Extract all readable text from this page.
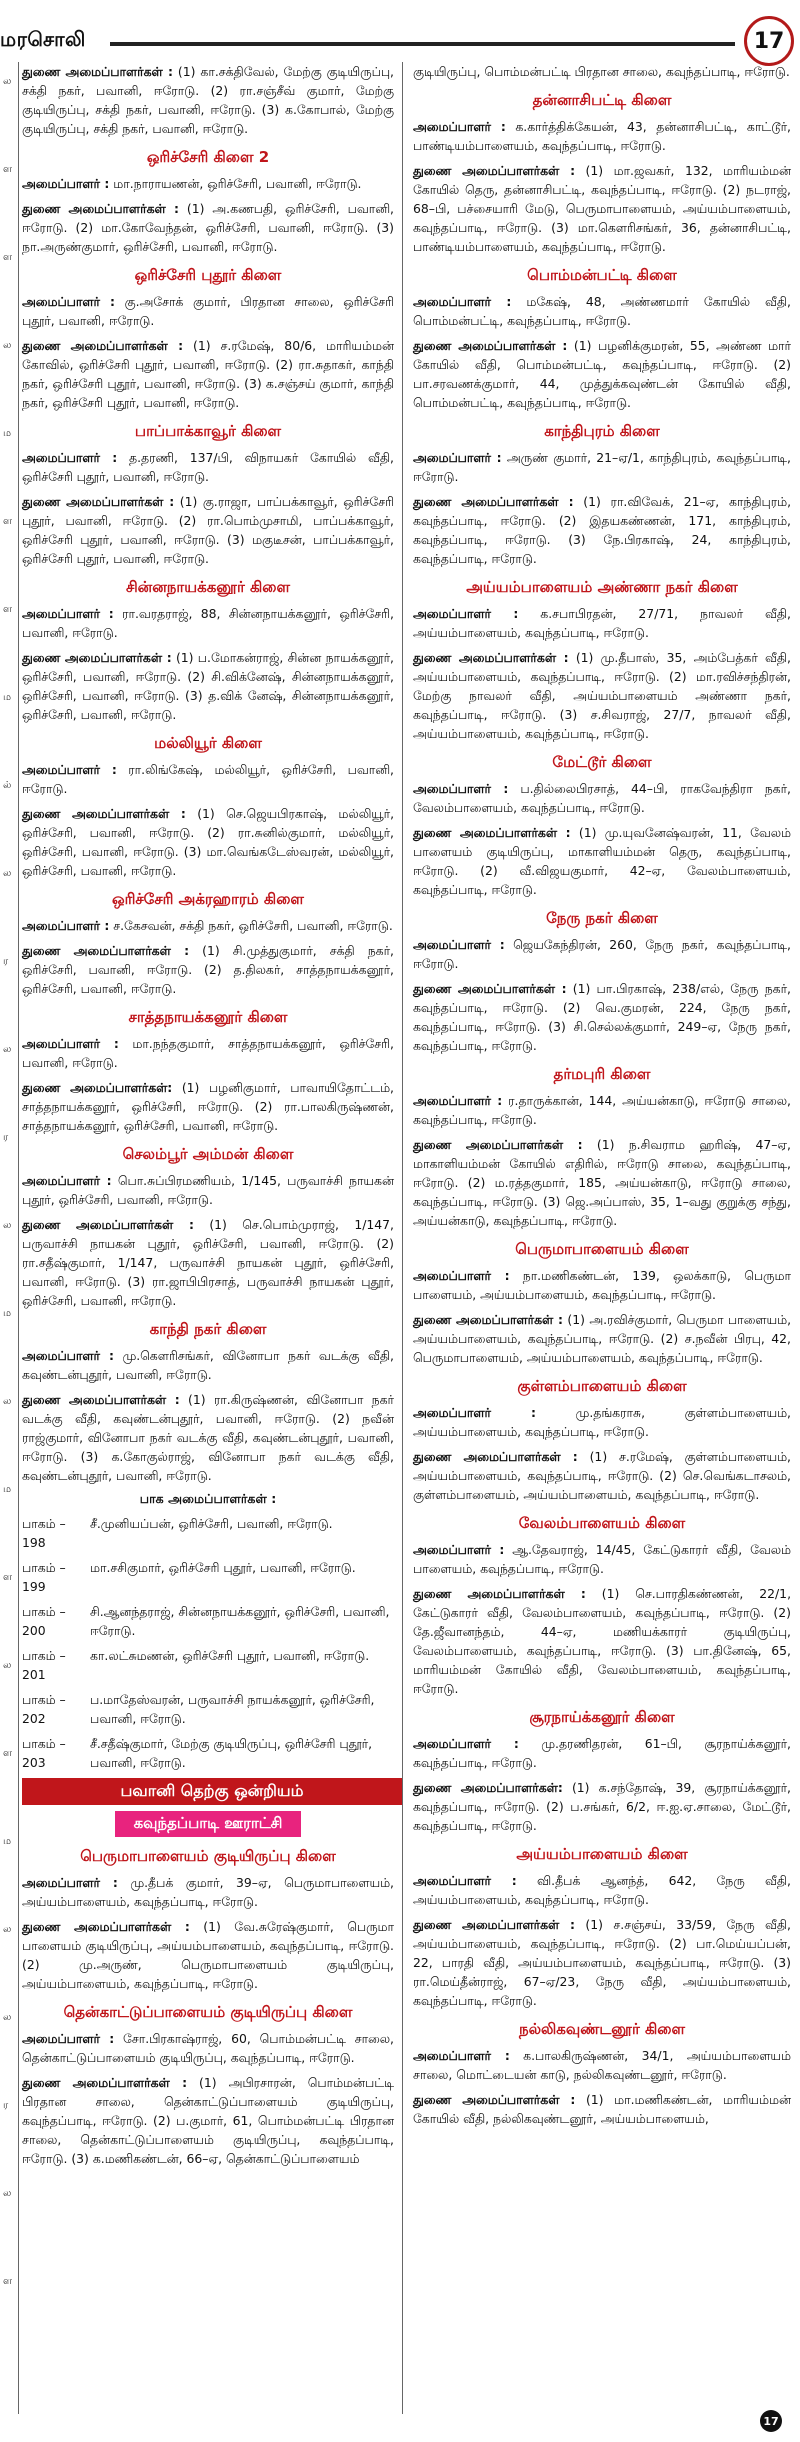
மரசொலி	17
ல
ள
ள
ல
ம
ள
ள
ம
ல்
ல
ர
ல
ர
ல
ம
ல
ம
ள
ல
ள
ம
ல
ல
ர
ல
ள

துணை அமைப்பாளர்கள் : (1) கா.சக்திவேல், மேற்கு குடியிருப்பு, சக்தி நகர், பவானி, ஈரோடு. (2) ரா.சஞ்சீவ் குமார், மேற்கு குடியிருப்பு, சக்தி நகர், பவானி, ஈரோடு. (3) க.கோபால், மேற்கு குடியிருப்பு, சக்தி நகர், பவானி, ஈரோடு.

ஒரிச்சேரி கிளை 2

அமைப்பாளர் : மா.நாராயணன், ஒரிச்சேரி, பவானி, ஈரோடு.

துணை அமைப்பாளர்கள் : (1) அ.கணபதி, ஒரிச்சேரி, பவானி, ஈரோடு. (2) மா.கோவேந்தன், ஒரிச்சேரி, பவானி, ஈரோடு. (3) நா.அருண்குமார், ஒரிச்சேரி, பவானி, ஈரோடு.

ஒரிச்சேரி புதூர் கிளை

அமைப்பாளர் : கு.அசோக் குமார், பிரதான சாலை, ஒரிச்சேரி புதூர், பவானி, ஈரோடு.

துணை அமைப்பாளர்கள் : (1) ச.ரமேஷ், 80/6, மாரியம்மன் கோவில், ஒரிச்சேரி புதூர், பவானி, ஈரோடு. (2) ரா.சுதாகர், காந்தி நகர், ஒரிச்சேரி புதூர், பவானி, ஈரோடு. (3) க.சஞ்சய் குமார், காந்தி நகர், ஒரிச்சேரி புதூர், பவானி, ஈரோடு.

பாப்பாக்காவூர் கிளை

அமைப்பாளர் : த.தரணி, 137/பி, விநாயகர் கோயில் வீதி, ஒரிச்சேரி புதூர், பவானி, ஈரோடு.

துணை அமைப்பாளர்கள் : (1) கு.ராஜா, பாப்பக்காவூர், ஒரிச்சேரி புதூர், பவானி, ஈரோடு. (2) ரா.பொம்முசாமி, பாப்பக்காவூர், ஒரிச்சேரி புதூர், பவானி, ஈரோடு. (3) மகுடீசன், பாப்பக்காவூர், ஒரிச்சேரி புதூர், பவானி, ஈரோடு.

சின்னநாயக்கனூர் கிளை

அமைப்பாளர் : ரா.வரதராஜ், 88, சின்னநாயக்கனூர், ஒரிச்சேரி, பவானி, ஈரோடு.

துணை அமைப்பாளர்கள் : (1) ப.மோகன்ராஜ், சின்ன நாயக்கனூர், ஒரிச்சேரி, பவானி, ஈரோடு. (2) சி.விக்னேஷ், சின்னநாயக்கனூர், ஒரிச்சேரி, பவானி, ஈரோடு. (3) த.விக் னேஷ், சின்னநாயக்கனூர், ஒரிச்சேரி, பவானி, ஈரோடு.

மல்லியூர் கிளை

அமைப்பாளர் : ரா.லிங்கேஷ், மல்லியூர், ஒரிச்சேரி, பவானி, ஈரோடு.

துணை அமைப்பாளர்கள் : (1) செ.ஜெயபிரகாஷ், மல்லியூர், ஒரிச்சேரி, பவானி, ஈரோடு. (2) ரா.சுனில்குமார், மல்லியூர், ஒரிச்சேரி, பவானி, ஈரோடு. (3) மா.வெங்கடேஸ்வரன், மல்லியூர், ஒரிச்சேரி, பவானி, ஈரோடு.

ஒரிச்சேரி அக்ரஹாரம் கிளை

அமைப்பாளர் : ச.கேசவன், சக்தி நகர், ஒரிச்சேரி, பவானி, ஈரோடு.

துணை அமைப்பாளர்கள் : (1) சி.முத்துகுமார், சக்தி நகர், ஒரிச்சேரி, பவானி, ஈரோடு. (2) த.திலகர், சாத்தநாயக்கனூர், ஒரிச்சேரி, பவானி, ஈரோடு.

சாத்தநாயக்கனூர் கிளை

அமைப்பாளர் : மா.நந்தகுமார், சாத்தநாயக்கனூர், ஒரிச்சேரி, பவானி, ஈரோடு.

துணை அமைப்பாளர்கள்: (1) பழனிகுமார், பாவாயிதோட்டம், சாத்தநாயக்கனூர், ஒரிச்சேரி, ஈரோடு. (2) ரா.பாலகிருஷ்ணன், சாத்தநாயக்கனூர், ஒரிச்சேரி, பவானி, ஈரோடு.

செலம்பூர் அம்மன் கிளை

அமைப்பாளர் : பொ.சுப்பிரமணியம், 1/145, பருவாச்சி நாயகன் புதூர், ஒரிச்சேரி, பவானி, ஈரோடு.

துணை அமைப்பாளர்கள் : (1) செ.பொம்முராஜ், 1/147, பருவாச்சி நாயகன் புதூர், ஒரிச்சேரி, பவானி, ஈரோடு. (2) ரா.சதீஷ்குமார், 1/147, பருவாச்சி நாயகன் புதூர், ஒரிச்சேரி, பவானி, ஈரோடு. (3) ரா.ஜாபிபிரசாத், பருவாச்சி நாயகன் புதூர், ஒரிச்சேரி, பவானி, ஈரோடு.

காந்தி நகர் கிளை

அமைப்பாளர் : மு.கௌரிசங்கர், வினோபா நகர் வடக்கு வீதி, கவுண்டன்புதூர், பவானி, ஈரோடு.

துணை அமைப்பாளர்கள் : (1) ரா.கிருஷ்ணன், வினோபா நகர் வடக்கு வீதி, கவுண்டன்புதூர், பவானி, ஈரோடு. (2) நவீன் ராஜ்குமார், வினோபா நகர் வடக்கு வீதி, கவுண்டன்புதூர், பவானி, ஈரோடு. (3) க.கோகுல்ராஜ், வினோபா நகர் வடக்கு வீதி, கவுண்டன்புதூர், பவானி, ஈரோடு.

பாக அமைப்பாளர்கள் :
பாகம் – 198
சீ.முனியப்பன், ஒரிச்சேரி, பவானி, ஈரோடு.
பாகம் – 199
மா.சசிகுமார், ஒரிச்சேரி புதூர், பவானி, ஈரோடு.
பாகம் – 200
சி.ஆனந்தராஜ், சின்னநாயக்கனூர், ஒரிச்சேரி, பவானி, ஈரோடு.
பாகம் – 201
கா.லட்சுமணன், ஒரிச்சேரி புதூர், பவானி, ஈரோடு.
பாகம் – 202
ப.மாதேஸ்வரன், பருவாச்சி நாயக்கனூர், ஒரிச்சேரி, பவானி, ஈரோடு.
பாகம் – 203
சீ.சதீஷ்குமார், மேற்கு குடியிருப்பு, ஒரிச்சேரி புதூர், பவானி, ஈரோடு.
பவானி தெற்கு ஒன்றியம்
கவுந்தப்பாடி ஊராட்சி
பெருமாபாளையம் குடியிருப்பு கிளை

அமைப்பாளர் : மு.தீபக் குமார், 39–ஏ, பெருமாபாளையம், அய்யம்பாளையம், கவுந்தப்பாடி, ஈரோடு.

துணை அமைப்பாளர்கள் : (1) வே.சுரேஷ்குமார், பெருமா பாளையம் குடியிருப்பு, அய்யம்பாளையம், கவுந்தப்பாடி, ஈரோடு. (2) மு.அருண், பெருமாபாளையம் குடியிருப்பு, அய்யம்பாளையம், கவுந்தப்பாடி, ஈரோடு.

தென்காட்டுப்பாளையம் குடியிருப்பு கிளை

அமைப்பாளர் : சோ.பிரகாஷ்ராஜ், 60, பொம்மன்பட்டி சாலை, தென்காட்டுப்பாளையம் குடியிருப்பு, கவுந்தப்பாடி, ஈரோடு.

துணை அமைப்பாளர்கள் : (1) அபிரசாரன், பொம்மன்பட்டி பிரதான சாலை, தென்காட்டுப்பாளையம் குடியிருப்பு, கவுந்தப்பாடி, ஈரோடு. (2) ப.குமார், 61, பொம்மன்பட்டி பிரதான சாலை, தென்காட்டுப்பாளையம் குடியிருப்பு, கவுந்தப்பாடி, ஈரோடு. (3) க.மணிகண்டன், 66–ஏ, தென்காட்டுப்பாளையம்

குடியிருப்பு, பொம்மன்பட்டி பிரதான சாலை, கவுந்தப்பாடி, ஈரோடு.

தன்னாசிபட்டி கிளை

அமைப்பாளர் : க.கார்த்திக்கேயன், 43, தன்னாசிபட்டி, காட்டூர், பாண்டியம்பாளையம், கவுந்தப்பாடி, ஈரோடு.

துணை அமைப்பாளர்கள் : (1) மா.ஜவகர், 132, மாரியம்மன் கோயில் தெரு, தன்னாசிபட்டி, கவுந்தப்பாடி, ஈரோடு. (2) நடராஜ், 68–பி, பச்சையாரி மேடு, பெருமாபாளையம், அய்யம்பாளையம், கவுந்தப்பாடி, ஈரோடு. (3) மா.கௌரிசங்கர், 36, தன்னாசிபட்டி, பாண்டியம்பாளையம், கவுந்தப்பாடி, ஈரோடு.

பொம்மன்பட்டி கிளை

அமைப்பாளர் : மகேஷ், 48, அண்ணமார் கோயில் வீதி, பொம்மன்பட்டி, கவுந்தப்பாடி, ஈரோடு.

துணை அமைப்பாளர்கள் : (1) பழனிக்குமரன், 55, அண்ண மார் கோயில் வீதி, பொம்மன்பட்டி, கவுந்தப்பாடி, ஈரோடு. (2) பா.சரவணக்குமார், 44, முத்துக்கவுண்டன் கோயில் வீதி, பொம்மன்பட்டி, கவுந்தப்பாடி, ஈரோடு.

காந்திபுரம் கிளை

அமைப்பாளர் : அருண் குமார், 21–ஏ/1, காந்திபுரம், கவுந்தப்பாடி, ஈரோடு.

துணை அமைப்பாளர்கள் : (1) ரா.விவேக், 21–ஏ, காந்திபுரம், கவுந்தப்பாடி, ஈரோடு. (2) இதயகண்ணன், 171, காந்திபுரம், கவுந்தப்பாடி, ஈரோடு. (3) நே.பிரகாஷ், 24, காந்திபுரம், கவுந்தப்பாடி, ஈரோடு.

அய்யம்பாளையம் அண்ணா நகர் கிளை

அமைப்பாளர் : க.சபாபிரதன், 27/71, நாவலர் வீதி, அய்யம்பாளையம், கவுந்தப்பாடி, ஈரோடு.

துணை அமைப்பாளர்கள் : (1) மு.தீபாஸ், 35, அம்பேத்கர் வீதி, அய்யம்பாளையம், கவுந்தப்பாடி, ஈரோடு. (2) மா.ரவிச்சந்திரன், மேற்கு நாவலர் வீதி, அய்யம்பாளையம் அண்ணா நகர், கவுந்தப்பாடி, ஈரோடு. (3) ச.சிவராஜ், 27/7, நாவலர் வீதி, அய்யம்பாளையம், கவுந்தப்பாடி, ஈரோடு.

மேட்டூர் கிளை

அமைப்பாளர் : ப.தில்லைபிரசாத், 44–பி, ராகவேந்திரா நகர், வேலம்பாளையம், கவுந்தப்பாடி, ஈரோடு.

துணை அமைப்பாளர்கள் : (1) மு.யுவனேஷ்வரன், 11, வேலம் பாளையம் குடியிருப்பு, மாகாளியம்மன் தெரு, கவுந்தப்பாடி, ஈரோடு. (2) வீ.விஜயகுமார், 42–ஏ, வேலம்பாளையம், கவுந்தப்பாடி, ஈரோடு.

நேரு நகர் கிளை

அமைப்பாளர் : ஜெயகேந்திரன், 260, நேரு நகர், கவுந்தப்பாடி, ஈரோடு.

துணை அமைப்பாளர்கள் : (1) பா.பிரகாஷ், 238/எல், நேரு நகர், கவுந்தப்பாடி, ஈரோடு. (2) வெ.குமரன், 224, நேரு நகர், கவுந்தப்பாடி, ஈரோடு. (3) சி.செல்லக்குமார், 249–ஏ, நேரு நகர், கவுந்தப்பாடி, ஈரோடு.

தர்மபுரி கிளை

அமைப்பாளர் : ர.தாருக்கான், 144, அய்யன்காடு, ஈரோடு சாலை, கவுந்தப்பாடி, ஈரோடு.

துணை அமைப்பாளர்கள் : (1) ந.சிவராம ஹரிஷ், 47–ஏ, மாகாளியம்மன் கோயில் எதிரில், ஈரோடு சாலை, கவுந்தப்பாடி, ஈரோடு. (2) ம.ரத்தகுமார், 185, அய்யன்காடு, ஈரோடு சாலை, கவுந்தப்பாடி, ஈரோடு. (3) ஜெ.அப்பாஸ், 35, 1–வது குறுக்கு சந்து, அய்யன்காடு, கவுந்தப்பாடி, ஈரோடு.

பெருமாபாளையம் கிளை

அமைப்பாளர் : நா.மணிகண்டன், 139, ஒலக்காடு, பெருமா பாளையம், அய்யம்பாளையம், கவுந்தப்பாடி, ஈரோடு.

துணை அமைப்பாளர்கள் : (1) அ.ரவிச்குமார், பெருமா பாளையம், அய்யம்பாளையம், கவுந்தப்பாடி, ஈரோடு. (2) ச.நவீன் பிரபு, 42, பெருமாபாளையம், அய்யம்பாளையம், கவுந்தப்பாடி, ஈரோடு.

குள்ளம்பாளையம் கிளை

அமைப்பாளர் : மு.தங்கராசு, குள்ளம்பாளையம், அய்யம்பாளையம், கவுந்தப்பாடி, ஈரோடு.

துணை அமைப்பாளர்கள் : (1) ச.ரமேஷ், குள்ளம்பாளையம், அய்யம்பாளையம், கவுந்தப்பாடி, ஈரோடு. (2) செ.வெங்கடாசலம், குள்ளம்பாளையம், அய்யம்பாளையம், கவுந்தப்பாடி, ஈரோடு.

வேலம்பாளையம் கிளை

அமைப்பாளர் : ஆ.தேவராஜ், 14/45, கேட்டுகாரர் வீதி, வேலம் பாளையம், கவுந்தப்பாடி, ஈரோடு.

துணை அமைப்பாளர்கள் : (1) செ.பாரதிகண்ணன், 22/1, கேட்டுகாரர் வீதி, வேலம்பாளையம், கவுந்தப்பாடி, ஈரோடு. (2) தே.ஜீவானந்தம், 44–ஏ, மணியக்காரர் குடியிருப்பு, வேலம்பாளையம், கவுந்தப்பாடி, ஈரோடு. (3) பா.தினேஷ், 65, மாரியம்மன் கோயில் வீதி, வேலம்பாளையம், கவுந்தப்பாடி, ஈரோடு.

சூரநாய்க்கனூர் கிளை

அமைப்பாளர் : மு.தரணிதரன், 61–பி, சூரநாய்க்கனூர், கவுந்தப்பாடி, ஈரோடு.

துணை அமைப்பாளர்கள்: (1) க.சந்தோஷ், 39, சூரநாய்க்கனூர், கவுந்தப்பாடி, ஈரோடு. (2) ப.சங்கர், 6/2, ஈ.ஐ.ஏ.சாலை, மேட்டூர், கவுந்தப்பாடி, ஈரோடு.

அய்யம்பாளையம் கிளை

அமைப்பாளர் : வி.தீபக் ஆனந்த், 642, நேரு வீதி, அய்யம்பாளையம், கவுந்தப்பாடி, ஈரோடு.

துணை அமைப்பாளர்கள் : (1) ச.சஞ்சய், 33/59, நேரு வீதி, அய்யம்பாளையம், கவுந்தப்பாடி, ஈரோடு. (2) பா.மெய்யப்பன், 22, பாரதி வீதி, அய்யம்பாளையம், கவுந்தப்பாடி, ஈரோடு. (3) ரா.மெய்தீன்ராஜ், 67–ஏ/23, நேரு வீதி, அய்யம்பாளையம், கவுந்தப்பாடி, ஈரோடு.

நல்லிகவுண்டனூர் கிளை

அமைப்பாளர் : க.பாலகிருஷ்ணன், 34/1, அய்யம்பாளையம் சாலை, மொட்டையன் காடு, நல்லிகவுண்டனூர், ஈரோடு.

துணை அமைப்பாளர்கள் : (1) மா.மணிகண்டன், மாரியம்மன் கோயில் வீதி, நல்லிகவுண்டனூர், அய்யம்பாளையம்,

17
